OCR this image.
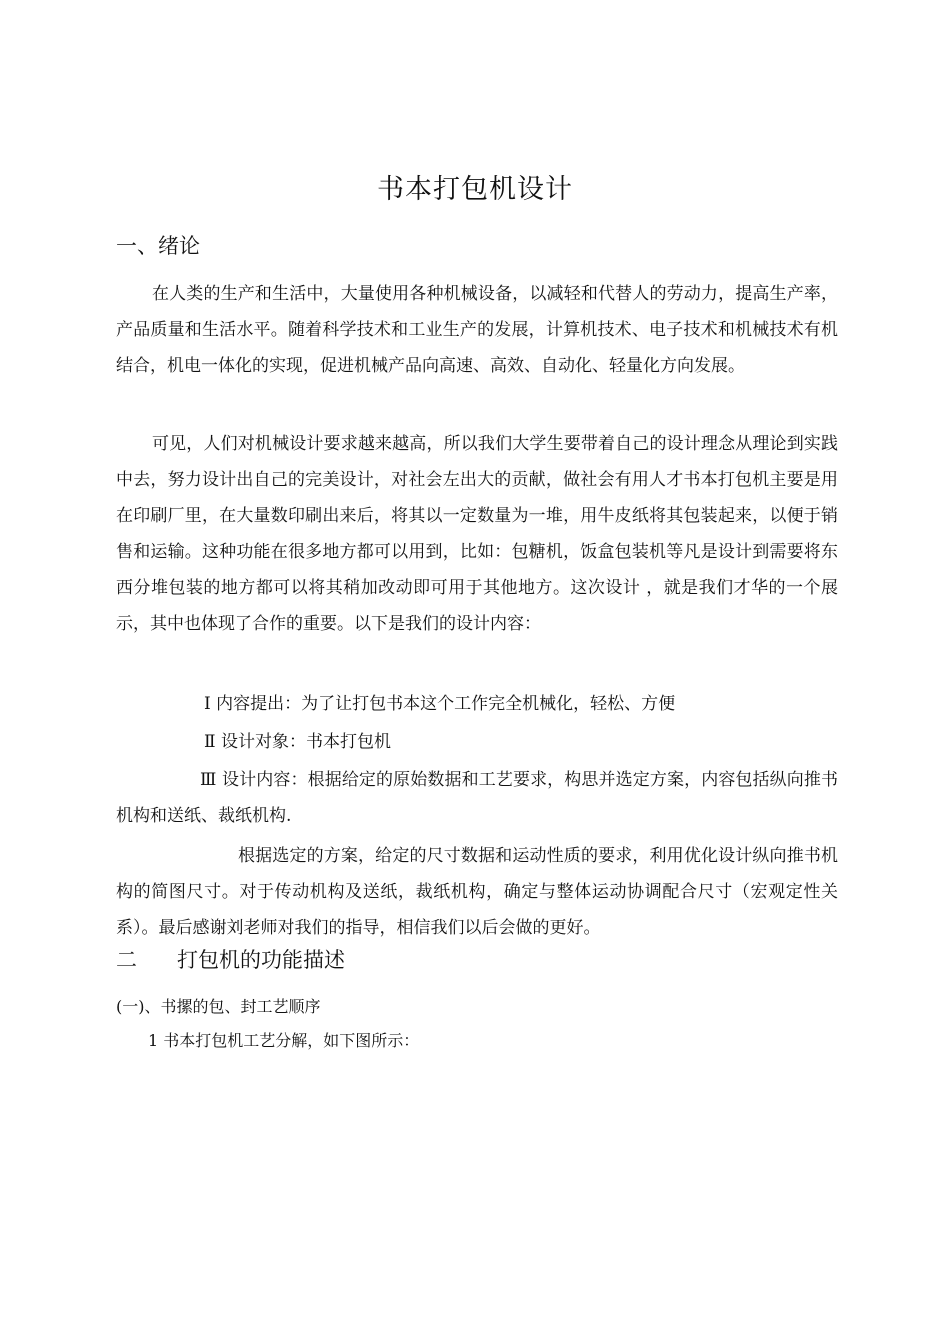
书本打包机设计
一、绪论

在人类的生产和生活中，大量使用各种机械设备，以减轻和代替人的劳动力，提高生产率，产品质量和生活水平。随着科学技术和工业生产的发展，计算机技术、电子技术和机械技术有机结合，机电一体化的实现，促进机械产品向高速、高效、自动化、轻量化方向发展。

可见，人们对机械设计要求越来越高，所以我们大学生要带着自己的设计理念从理论到实践中去，努力设计出自己的完美设计，对社会左出大的贡献，做社会有用人才书本打包机主要是用在印刷厂里，在大量数印刷出来后，将其以一定数量为一堆，用牛皮纸将其包装起来，以便于销售和运输。这种功能在很多地方都可以用到，比如：包糖机，饭盒包装机等凡是设计到需要将东西分堆包装的地方都可以将其稍加改动即可用于其他地方。这次设计 ，就是我们才华的一个展示，其中也体现了合作的重要。以下是我们的设计内容：

Ⅰ 内容提出：为了让打包书本这个工作完全机械化，轻松、方便
Ⅱ 设计对象：书本打包机

Ⅲ 设计内容：根据给定的原始数据和工艺要求，构思并选定方案，内容包括纵向推书机构和送纸、裁纸机构.

根据选定的方案，给定的尺寸数据和运动性质的要求，利用优化设计纵向推书机构的简图尺寸。对于传动机构及送纸，裁纸机构，确定与整体运动协调配合尺寸（宏观定性关系）。最后感谢刘老师对我们的指导，相信我们以后会做的更好。

二      打包机的功能描述
(一)、书摞的包、封工艺顺序
1 书本打包机工艺分解，如下图所示：
